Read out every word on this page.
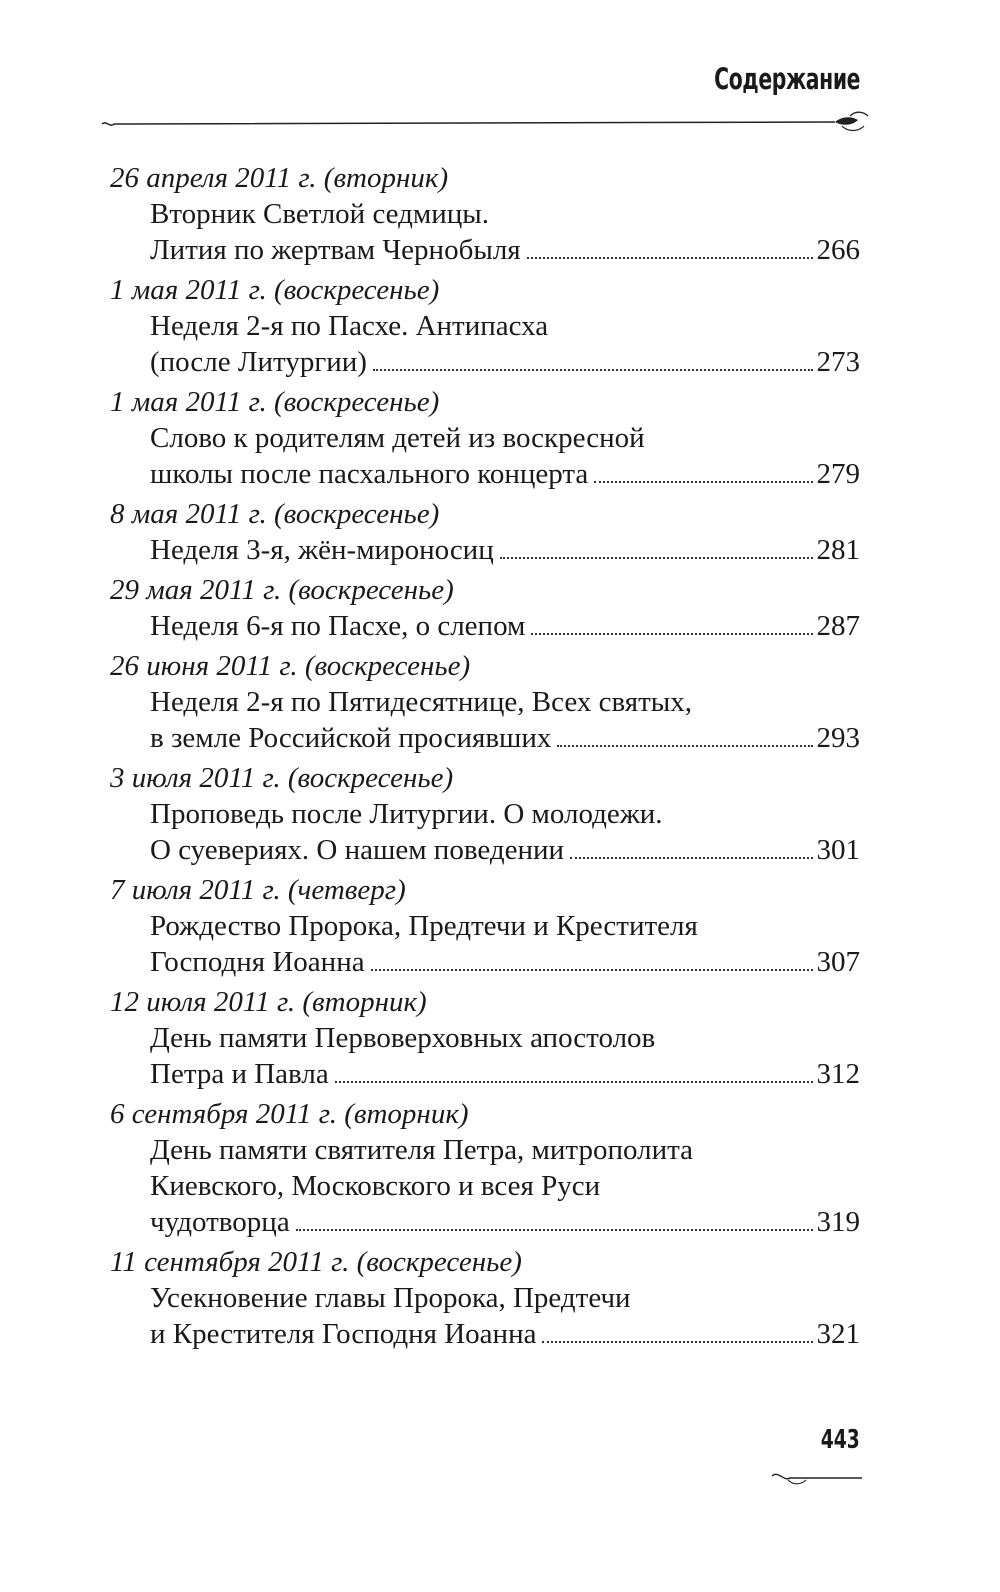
Содержание
26 апреля 2011 г. (вторник)
Вторник Светлой седмицы.
Лития по жертвам Чернобыля	266
1 мая 2011 г. (воскресенье)
Неделя 2-я по Пасхе. Антипасха
(после Литургии)	273
1 мая 2011 г. (воскресенье)
Слово к родителям детей из воскресной
школы после пасхального концерта	279
8 мая 2011 г. (воскресенье)
Неделя 3-я, жён-мироносиц	281
29 мая 2011 г. (воскресенье)
Неделя 6-я по Пасхе, о слепом	287
26 июня 2011 г. (воскресенье)
Неделя 2-я по Пятидесятнице, Всех святых,
в земле Российской просиявших	293
3 июля 2011 г. (воскресенье)
Проповедь после Литургии. О молодежи.
О суевериях. О нашем поведении	301
7 июля 2011 г. (четверг)
Рождество Пророка, Предтечи и Крестителя
Господня Иоанна	307
12 июля 2011 г. (вторник)
День памяти Первоверховных апостолов
Петра и Павла	312
6 сентября 2011 г. (вторник)
День памяти святителя Петра, митрополита
Киевского, Московского и всея Руси
чудотворца	319
11 сентября 2011 г. (воскресенье)
Усекновение главы Пророка, Предтечи
и Крестителя Господня Иоанна	321
443
